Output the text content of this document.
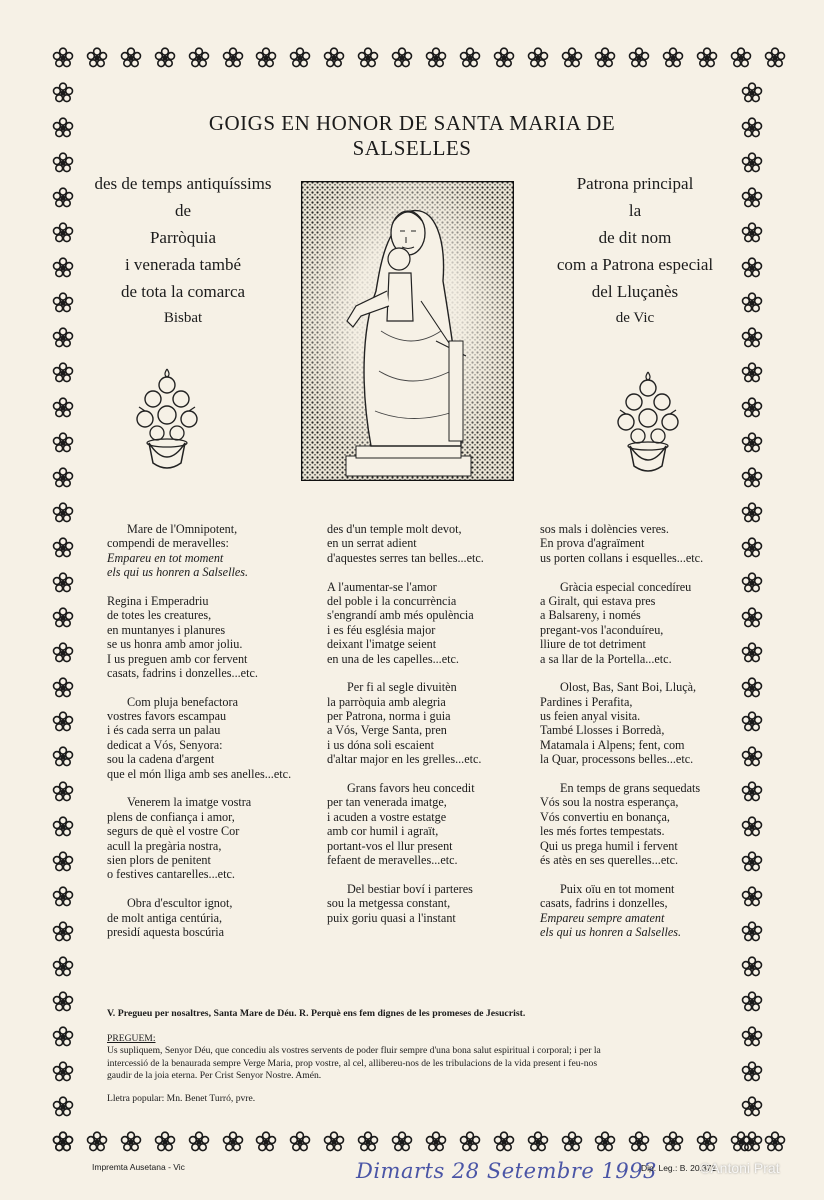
GOIGS EN HONOR DE SANTA MARIA DE
SALSELLES
des de temps antiquíssims
de
Parròquia
i venerada també
de tota la comarca
Bisbat
Patrona principal
la
de dit nom
com a Patrona especial
del Lluçanès
de Vic
Mare de l'Omnipotent,
compendi de meravelles:
Empareu en tot moment
els qui us honren a Salselles.
Regina i Emperadriu
de totes les creatures,
en muntanyes i planures
se us honra amb amor joliu.
I us preguen amb cor fervent
casats, fadrins i donzelles...etc.
Com pluja benefactora
vostres favors escampau
i és cada serra un palau
dedicat a Vós, Senyora:
sou la cadena d'argent
que el món lliga amb ses anelles...etc.
Venerem la imatge vostra
plens de confiança i amor,
segurs de què el vostre Cor
acull la pregària nostra,
sien plors de penitent
o festives cantarelles...etc.
Obra d'escultor ignot,
de molt antiga centúria,
presidí aquesta boscúria
des d'un temple molt devot,
en un serrat adient
d'aquestes serres tan belles...etc.
A l'aumentar-se l'amor
del poble i la concurrència
s'engrandí amb més opulència
i es féu església major
deixant l'imatge seient
en una de les capelles...etc.
Per fi al segle divuitèn
la parròquia amb alegria
per Patrona, norma i guia
a Vós, Verge Santa, pren
i us dóna soli escaient
d'altar major en les grelles...etc.
Grans favors heu concedit
per tan venerada imatge,
i acuden a vostre estatge
amb cor humil i agraït,
portant-vos el llur present
fefaent de meravelles...etc.
Del bestiar boví i parteres
sou la metgessa constant,
puix goriu quasi a l'instant
sos mals i dolències veres.
En prova d'agraïment
us porten collans i esquelles...etc.
Gràcia especial concedíreu
a Giralt, qui estava pres
a Balsareny, i només
pregant-vos l'aconduíreu,
lliure de tot detriment
a sa llar de la Portella...etc.
Olost, Bas, Sant Boi, Lluçà,
Pardines i Perafita,
us feien anyal visita.
També Llosses i Borredà,
Matamala i Alpens; fent, com
la Quar, processons belles...etc.
En temps de grans sequedats
Vós sou la nostra esperança,
Vós convertiu en bonança,
les més fortes tempestats.
Qui us prega humil i fervent
és atès en ses querelles...etc.
Puix oïu en tot moment
casats, fadrins i donzelles,
Empareu sempre amatent
els qui us honren a Salselles.
V. Pregueu per nosaltres, Santa Mare de Déu. R. Perquè ens fem dignes de les promeses de Jesucrist.
PREGUEM:
Us supliquem, Senyor Déu, que concediu als vostres servents de poder fluir sempre d'una bona salut espiritual i corporal; i per la
intercessió de la benaurada sempre Verge Maria, prop vostre, al cel, allibereu-nos de les tribulacions de la vida present i feu-nos
gaudir de la joia eterna. Per Crist Senyor Nostre. Amén.
Lletra popular: Mn. Benet Turró, pvre.
Impremta Ausetana - Vic	Dimarts 28 Setembre 1993
Dip. Leg.: B. 20.371
©Antoni Prat
